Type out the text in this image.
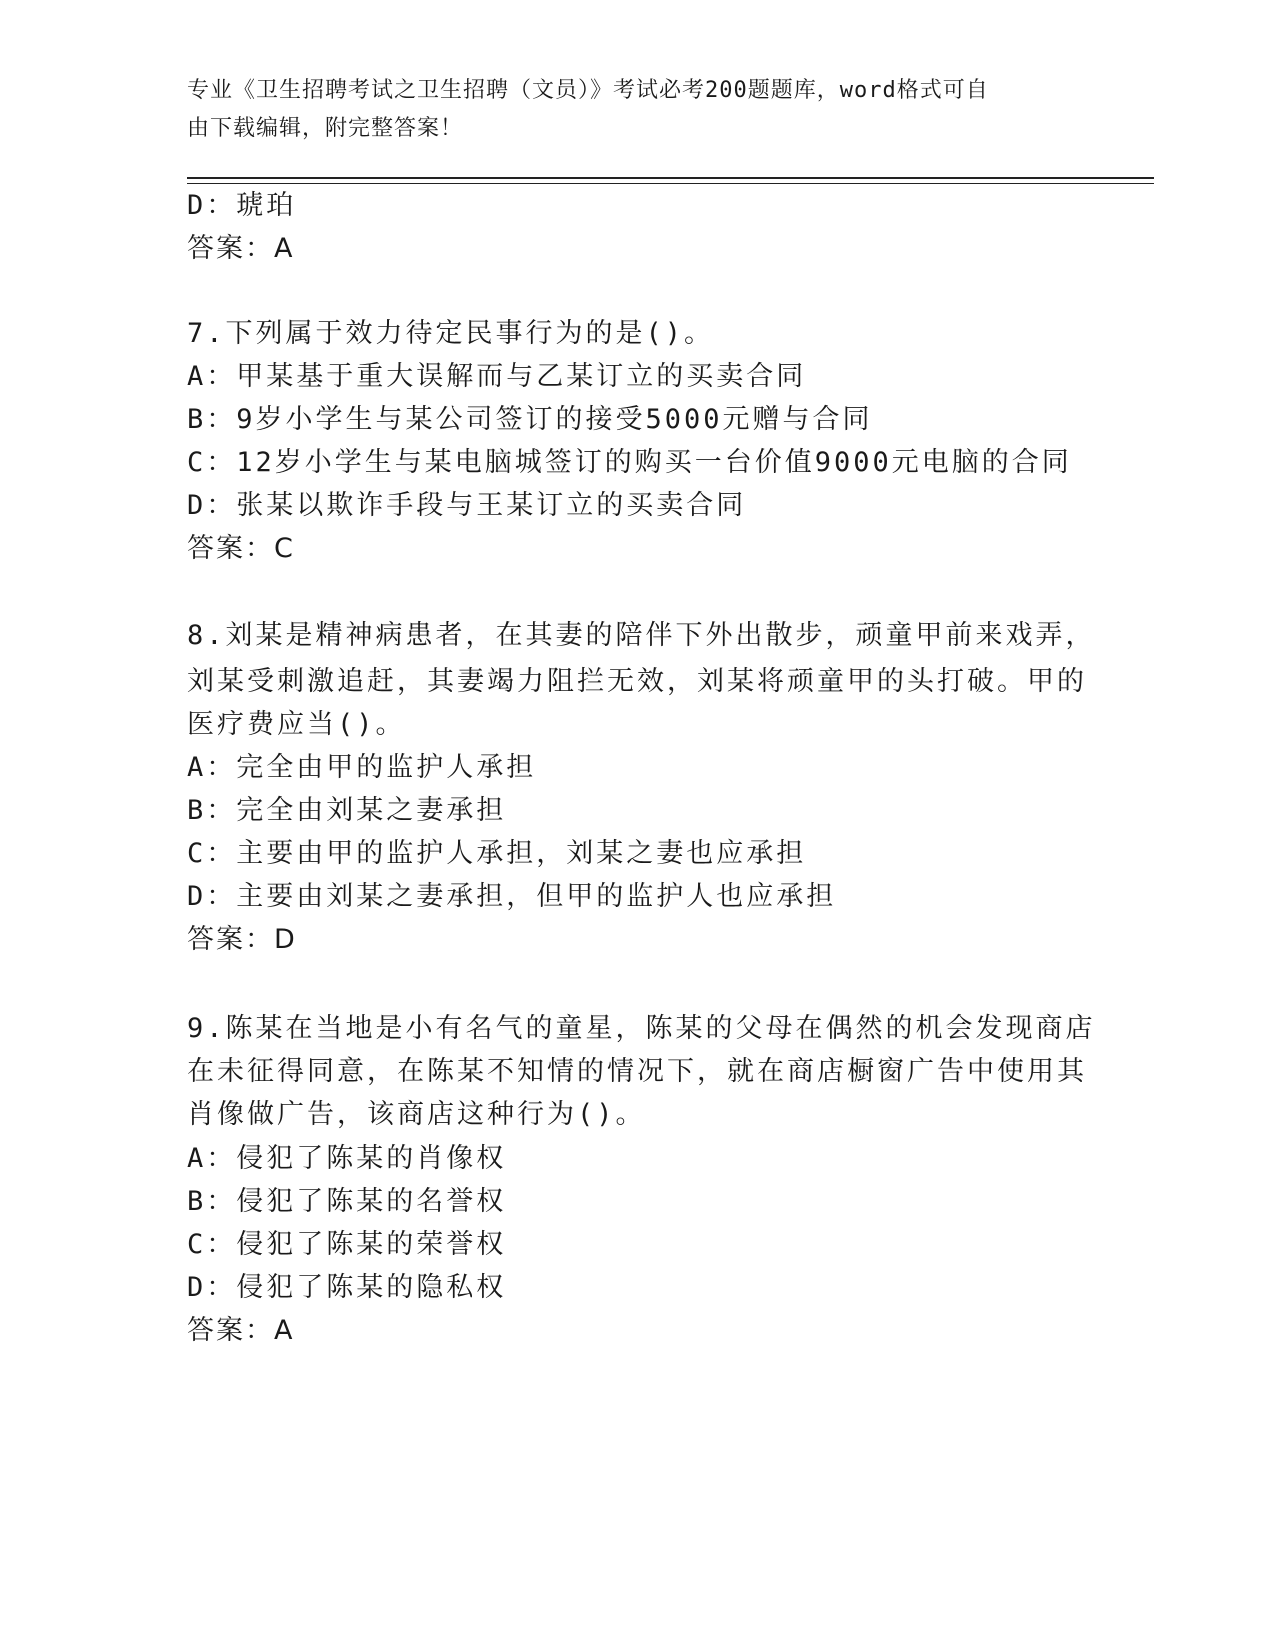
专业《卫生招聘考试之卫生招聘（文员）》考试必考200题题库，word格式可自
由下载编辑，附完整答案！
D：琥珀
答案：A
7.下列属于效力待定民事行为的是()。
A：甲某基于重大误解而与乙某订立的买卖合同
B：9岁小学生与某公司签订的接受5000元赠与合同
C：12岁小学生与某电脑城签订的购买一台价值9000元电脑的合同
D：张某以欺诈手段与王某订立的买卖合同
答案：C
8.刘某是精神病患者，在其妻的陪伴下外出散步，顽童甲前来戏弄，
刘某受刺激追赶，其妻竭力阻拦无效，刘某将顽童甲的头打破。甲的
医疗费应当()。
A：完全由甲的监护人承担
B：完全由刘某之妻承担
C：主要由甲的监护人承担，刘某之妻也应承担
D：主要由刘某之妻承担，但甲的监护人也应承担
答案：D
9.陈某在当地是小有名气的童星，陈某的父母在偶然的机会发现商店
在未征得同意，在陈某不知情的情况下，就在商店橱窗广告中使用其
肖像做广告，该商店这种行为()。
A：侵犯了陈某的肖像权
B：侵犯了陈某的名誉权
C：侵犯了陈某的荣誉权
D：侵犯了陈某的隐私权
答案：A
